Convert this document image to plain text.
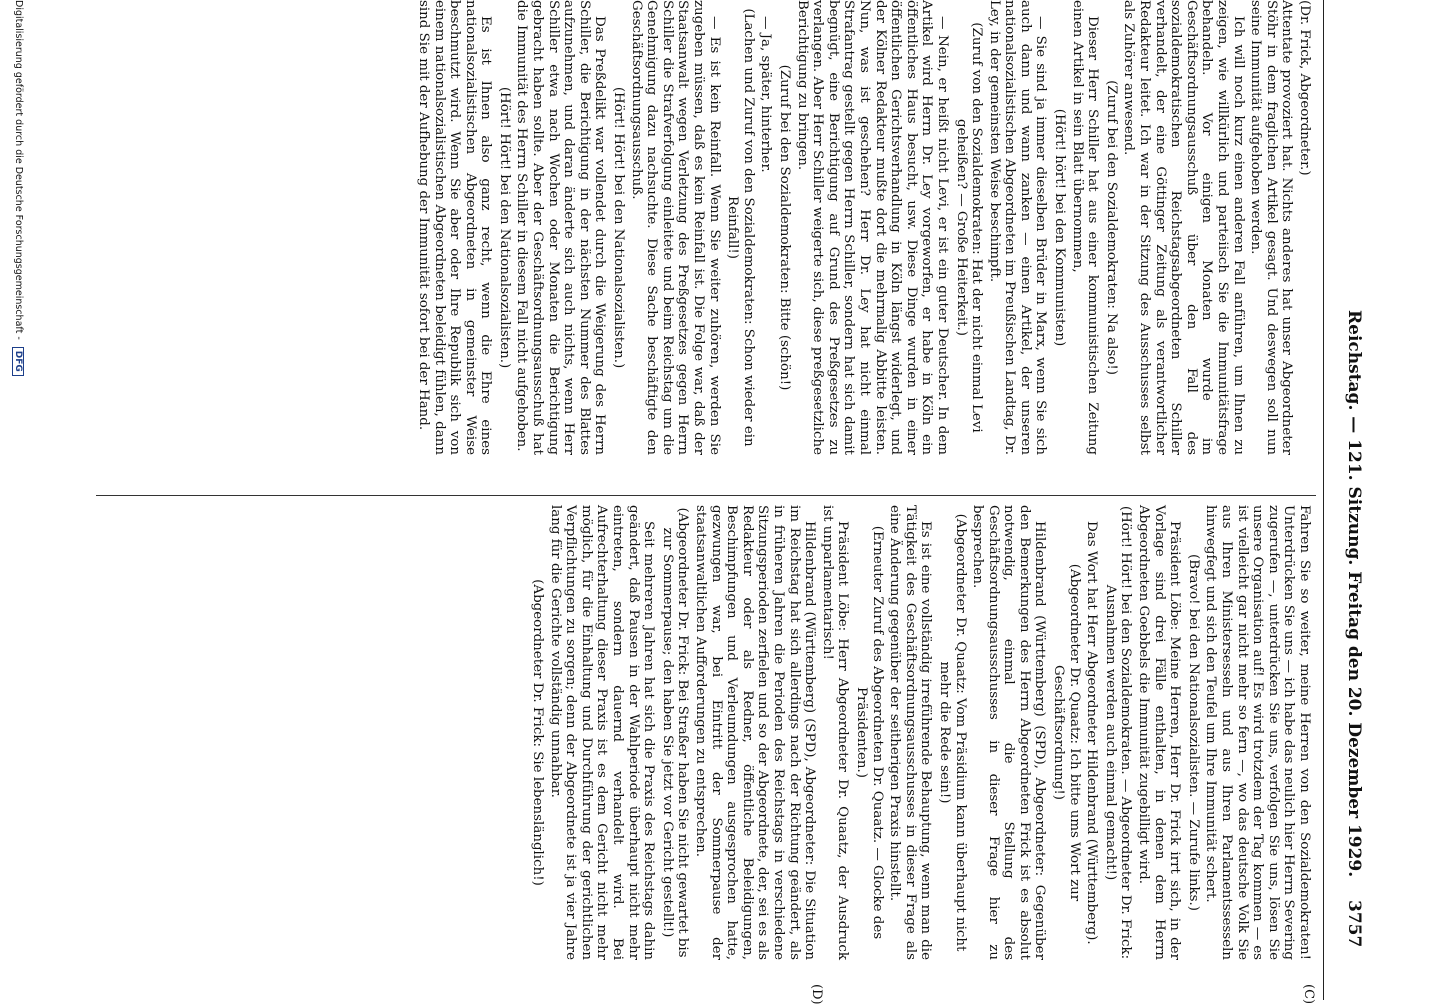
Reichstag. — 121. Sitzung. Freitag den 20. Dezember 1929.
3757

(Dr. Frick, Abgeordneter.)

Attentate provoziert hat. Nichts anderes hat unser Abgeordneter Stöhr in dem fraglichen Artikel gesagt. Und deswegen soll nun seine Immunität aufgehoben werden.

Ich will noch kurz einen anderen Fall anführen, um Ihnen zu zeigen, wie willkürlich und parteiisch Sie die Immunitätsfrage behandeln. Vor einigen Monaten wurde im Geschäftsordnungsausschuß über den Fall des sozialdemokratischen Reichstagsabgeordneten Schiller verhandelt, der eine Göttinger Zeitung als verantwortlicher Redakteur leitet. Ich war in der Sitzung des Ausschusses selbst als Zuhörer anwesend.

(Zuruf bei den Sozialdemokraten: Na also!)

Dieser Herr Schiller hat aus einer kommunistischen Zeitung einen Artikel in sein Blatt übernommen,

(Hört! hört! bei den Kommunisten)

— Sie sind ja immer dieselben Brüder in Marx, wenn Sie sich auch dann und wann zanken — einen Artikel, der unseren nationalsozialistischen Abgeordneten im Preußischen Landtag, Dr. Ley, in der gemeinsten Weise beschimpft.

(Zuruf von den Sozialdemokraten: Hat der nicht einmal Levi geheißen? — Große Heiterkeit.)

— Nein, er heißt nicht Levi, er ist ein guter Deutscher. In dem Artikel wird Herrn Dr. Ley vorgeworfen, er habe in Köln ein öffentliches Haus besucht, usw. Diese Dinge wurden in einer öffentlichen Gerichtsverhandlung in Köln längst widerlegt, und der Kölner Redakteur mußte dort die mehrmalig Abbitte leisten. Nun, was ist geschehen? Herr Dr. Ley hat nicht einmal Strafantrag gestellt gegen Herrn Schiller, sondern hat sich damit begnügt, eine Berichtigung auf Grund des Preßgesetzes zu verlangen. Aber Herr Schiller weigerte sich, diese preßgesetzliche Berichtigung zu bringen.

(Zuruf bei den Sozialdemokraten: Bitte (schön!)

— Ja, später, hinterher.

(Lachen und Zuruf von den Sozialdemokraten: Schon wieder ein Reinfall!)

— Es ist kein Reinfall. Wenn Sie weiter zuhören, werden Sie zugeben müssen, daß es kein Reinfall ist. Die Folge war, daß der Staatsanwalt wegen Verletzung des Preßgesetzes gegen Herrn Schiller die Strafverfolgung einleitete und beim Reichstag um die Genehmigung dazu nachsuchte. Diese Sache beschäftigte den Geschäftsordnungsausschuß.

(Hört! Hört! bei den Nationalsozialisten.)

Das Preßdelikt war vollendet durch die Weigerung des Herrn Schiller, die Berichtigung in der nächsten Nummer des Blattes aufzunehmen, und daran änderte sich auch nichts, wenn Herr Schiller etwa nach Wochen oder Monaten die Berichtigung gebracht haben sollte. Aber der Geschäftsordnungsausschuß hat die Immunität des Herrn Schiller in diesem Fall nicht aufgehoben.

(Hört! Hört! bei den Nationalsozialisten.)

Es ist Ihnen also ganz recht, wenn die Ehre eines nationalsozialistischen Abgeordneten in gemeinster Weise beschmutzt wird. Wenn Sie aber oder Ihre Republik sich von einem nationalsozialistischen Abgeordneten beleidigt fühlen, dann sind Sie mit der Aufhebung der Immunität sofort bei der Hand.

Fahren Sie so weiter, meine Herren von den Sozialdemokraten! Unterdrücken Sie uns — ich habe das neulich hier Herrn Severing zugerufen —, unterdrücken Sie uns, verfolgen Sie uns, lösen Sie unsere Organisation auf! Es wird trotzdem der Tag kommen — es ist vielleicht gar nicht mehr so fern —, wo das deutsche Volk Sie aus Ihren Ministersesseln und aus Ihren Parlamentssesseln hinwegfegt und sich den Teufel um Ihre Immunität schert.

(Bravo! bei den Nationalsozialisten. — Zurufe links.)

Präsident Löbe: Meine Herren, Herr Dr. Frick irrt sich, in der Vorlage sind drei Fälle enthalten, in denen dem Herrn Abgeordneten Goebbels die Immunität zugebilligt wird.

(Hört! Hört! bei den Sozialdemokraten. — Abgeordneter Dr. Frick: Ausnahmen werden auch einmal gemacht!)

Das Wort hat Herr Abgeordneter Hildenbrand (Württemberg).

(Abgeordneter Dr. Quaatz: Ich bitte ums Wort zur Geschäftsordnung!)

Hildenbrand (Württemberg) (SPD), Abgeordneter: Gegenüber den Bemerkungen des Herrn Abgeordneten Frick ist es absolut notwendig, einmal die Stellung des Geschäftsordnungsausschusses in dieser Frage hier zu besprechen.

(Abgeordneter Dr. Quaatz: Vom Präsidium kann überhaupt nicht mehr die Rede sein!)

Es ist eine vollständig irreführende Behauptung, wenn man die Tätigkeit des Geschäftsordnungsausschusses in dieser Frage als eine Änderung gegenüber der seitherigen Praxis hinstellt.

(Erneuter Zuruf des Abgeordneten Dr. Quaatz. — Glocke des Präsidenten.)

Präsident Löbe: Herr Abgeordneter Dr. Quaatz, der Ausdruck ist unparlamentarisch!

Hildenbrand (Württemberg) (SPD), Abgeordneter: Die Situation im Reichstag hat sich allerdings nach der Richtung geändert, als in früheren Jahren die Perioden des Reichstags in verschiedene Sitzungsperioden zerfielen und so der Abgeordnete, der, sei es als Redakteur oder als Redner, öffentliche Beleidigungen, Beschimpfungen und Verleumdungen ausgesprochen hatte, gezwungen war, bei Eintritt der Sommerpause der staatsanwaltlichen Aufforderungen zu entsprechen.

(Abgeordneter Dr. Frick: Bei Straßer haben Sie nicht gewartet bis zur Sommerpause; den haben Sie jetzt vor Gericht gestellt!)

Seit mehreren Jahren hat sich die Praxis des Reichstags dahin geändert, daß Pausen in der Wahlperiode überhaupt nicht mehr eintreten, sondern dauernd verhandelt wird. Bei Aufrechterhaltung dieser Praxis ist es dem Gericht nicht mehr möglich, für die Einhaltung und Durchführung der gerichtlichen Verpflichtungen zu sorgen; denn der Abgeordnete ist ja vier Jahre lang für die Gerichte vollständig unnahbar.

(Abgeordneter Dr. Frick: Sie lebenslänglich!)

(C)
(D)
Digitalisierung gefördert durch die Deutsche Forschungsgemeinschaft - DFG
